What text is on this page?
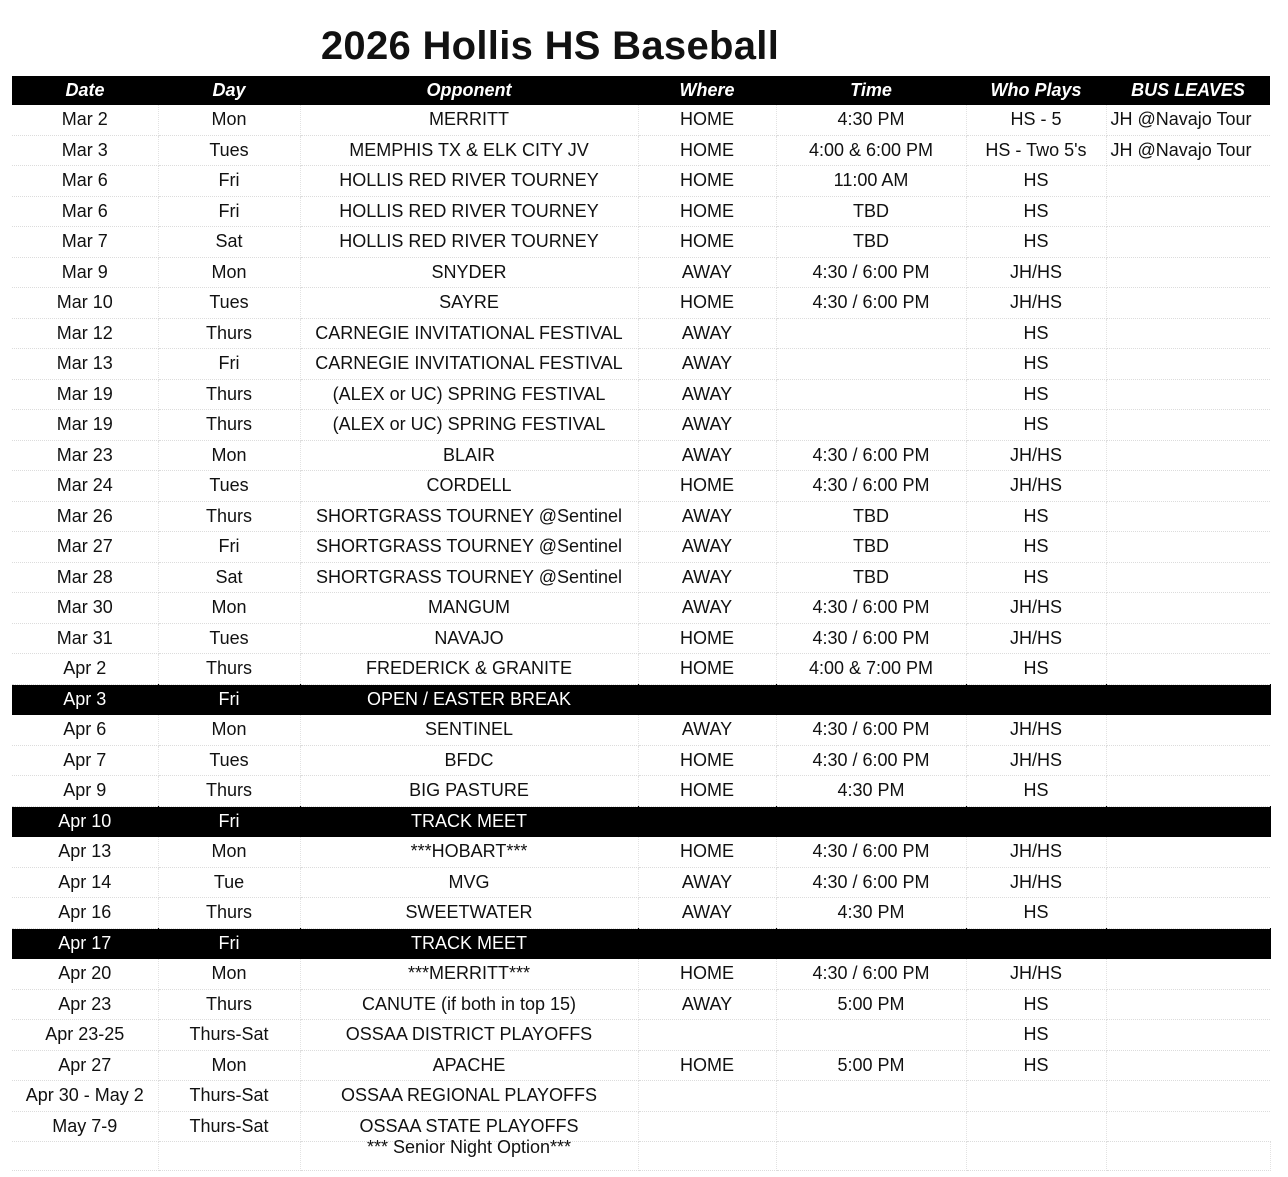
2026 Hollis HS Baseball
Date	Day	Opponent	Where	Time	Who Plays	BUS LEAVES
Mar 2	Mon	MERRITT	HOME	4:30 PM	HS - 5	JH @Navajo Tour
Mar 3	Tues	MEMPHIS TX & ELK CITY JV	HOME	4:00 & 6:00 PM	HS - Two 5's	JH @Navajo Tour
Mar 6	Fri	HOLLIS RED RIVER TOURNEY	HOME	11:00 AM	HS	
Mar 6	Fri	HOLLIS RED RIVER TOURNEY	HOME	TBD	HS	
Mar 7	Sat	HOLLIS RED RIVER TOURNEY	HOME	TBD	HS	
Mar 9	Mon	SNYDER	AWAY	4:30 / 6:00 PM	JH/HS	
Mar 10	Tues	SAYRE	HOME	4:30 / 6:00 PM	JH/HS	
Mar 12	Thurs	CARNEGIE INVITATIONAL FESTIVAL	AWAY		HS	
Mar 13	Fri	CARNEGIE INVITATIONAL FESTIVAL	AWAY		HS	
Mar 19	Thurs	(ALEX or UC) SPRING FESTIVAL	AWAY		HS	
Mar 19	Thurs	(ALEX or UC) SPRING FESTIVAL	AWAY		HS	
Mar 23	Mon	BLAIR	AWAY	4:30 / 6:00 PM	JH/HS	
Mar 24	Tues	CORDELL	HOME	4:30 / 6:00 PM	JH/HS	
Mar 26	Thurs	SHORTGRASS TOURNEY @Sentinel	AWAY	TBD	HS	
Mar 27	Fri	SHORTGRASS TOURNEY @Sentinel	AWAY	TBD	HS	
Mar 28	Sat	SHORTGRASS TOURNEY @Sentinel	AWAY	TBD	HS	
Mar 30	Mon	MANGUM	AWAY	4:30 / 6:00 PM	JH/HS	
Mar 31	Tues	NAVAJO	HOME	4:30 / 6:00 PM	JH/HS	
Apr 2	Thurs	FREDERICK & GRANITE	HOME	4:00 & 7:00 PM	HS	
Apr 3	Fri	OPEN / EASTER BREAK				
Apr 6	Mon	SENTINEL	AWAY	4:30 / 6:00 PM	JH/HS	
Apr 7	Tues	BFDC	HOME	4:30 / 6:00 PM	JH/HS	
Apr 9	Thurs	BIG PASTURE	HOME	4:30 PM	HS	
Apr 10	Fri	TRACK MEET				
Apr 13	Mon	***HOBART***	HOME	4:30 / 6:00 PM	JH/HS	
Apr 14	Tue	MVG	AWAY	4:30 / 6:00 PM	JH/HS	
Apr 16	Thurs	SWEETWATER	AWAY	4:30 PM	HS	
Apr 17	Fri	TRACK MEET				
Apr 20	Mon	***MERRITT***	HOME	4:30 / 6:00 PM	JH/HS	
Apr 23	Thurs	CANUTE (if both in top 15)	AWAY	5:00 PM	HS	
Apr 23-25	Thurs-Sat	OSSAA DISTRICT PLAYOFFS			HS	
Apr 27	Mon	APACHE	HOME	5:00 PM	HS	
Apr 30 - May 2	Thurs-Sat	OSSAA REGIONAL PLAYOFFS				
May 7-9	Thurs-Sat	OSSAA STATE PLAYOFFS				

*** Senior Night Option***
